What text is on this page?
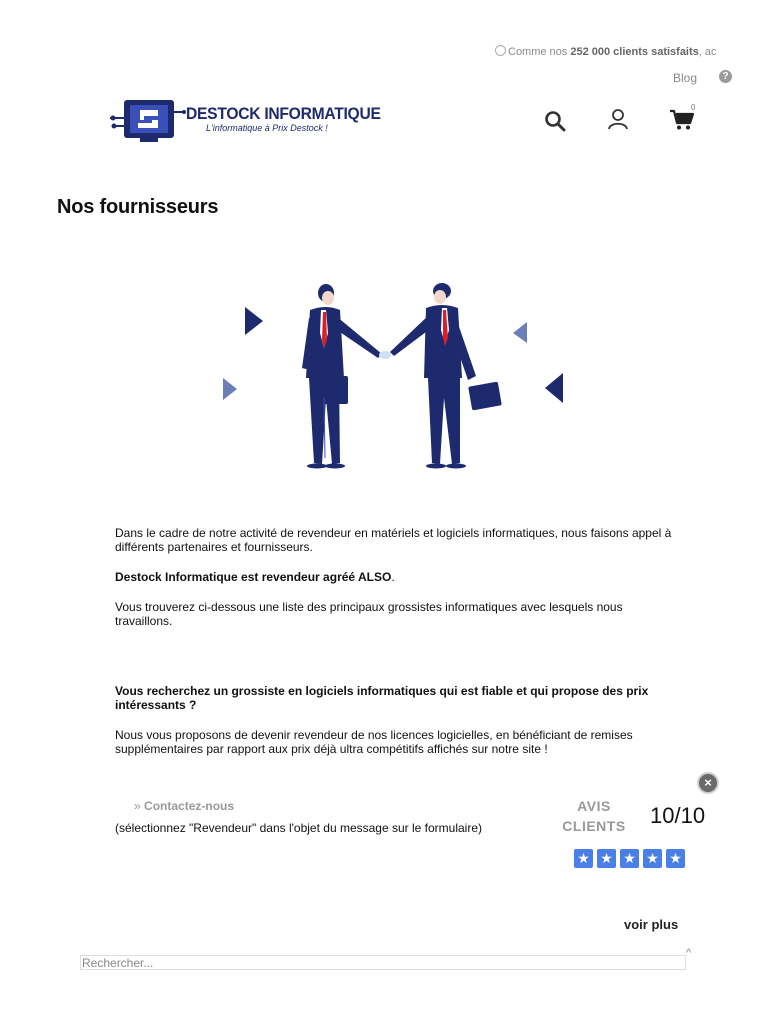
Comme nos 252 000 clients satisfaits, ac
Blog	?
DESTOCK INFORMATIQUE
L'informatique à Prix Destock !
0
Nos fournisseurs
Dans le cadre de notre activité de revendeur en matériels et logiciels informatiques, nous faisons appel à différents partenaires et fournisseurs.
Destock Informatique est revendeur agréé ALSO.
Vous trouverez ci-dessous une liste des principaux grossistes informatiques avec lesquels nous travaillons.
Vous recherchez un grossiste en logiciels informatiques qui est fiable et qui propose des prix intéressants ?
Nous vous proposons de devenir revendeur de nos licences logicielles, en bénéficiant de remises supplémentaires par rapport aux prix déjà ultra compétitifs affichés sur notre site !
» Contactez-nous
(sélectionnez "Revendeur" dans l'objet du message sur le formulaire)
×
AVIS
CLIENTS 10/10
★ ★ ★ ★ ★
voir plus
Rechercher...
^
